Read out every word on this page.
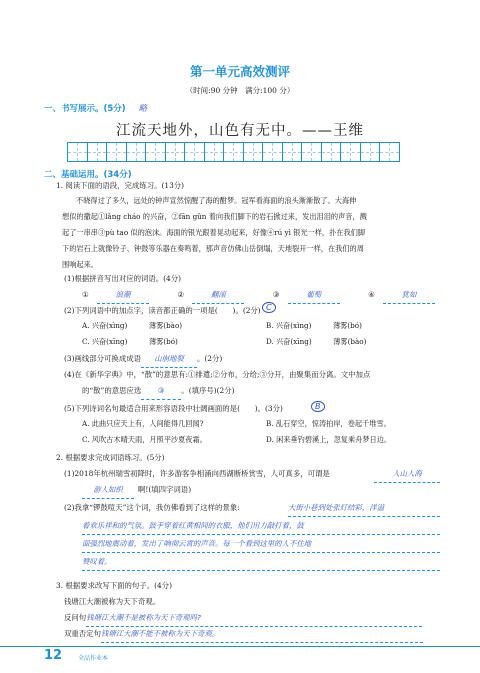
第一单元高效测评
（时间:90 分钟　满分:100 分）
一、书写展示。(5分) 略
江流天地外，山色有无中。——王维
二、基础运用。(34分)
1. 阅读下面的语段，完成练习。(13分)
不晓得过了多久，远处的钟声宣然惊醒了海的酣梦。冠军看海面的浪头渐渐散了。大海伸
想似的撒起①lǎng cháo 的兴奋，②fān gǔn 着向我们脚下的岩石掀过来，发出泪泪的声音，溅
起了一串串③pù tao 似的泡沫。海面的银光跟着晃动起来，好像④rú yì 银光一样，扑在我们脚
下的岩石上就像铃子、钟鼓等乐器在奏鸣着，那声音仿佛山岳倒塌，天地裂开一样，在我们的周
围响起来。
(1)根据拼音写出对应的词语。(4分)
①	浪潮	②	翻滚	③	葡萄	④	犹如
(2)下列词语中的加点字，读音都正确的一项是(　　)。(2分) C
A. 兴奋(xìng)　　　薄雾(bào)	B. 兴奋(xìng)　　　薄雾(bó)
C. 兴奋(xīng)　　　薄雾(bó)	D. 兴奋(xīng)　　　薄雾(bào)
(3)画线部分可换成成语 山崩地裂 。(2分)
(4)在《新华字典》中，“散”的意思有:①排遣;②分布，分给;③分开，由聚集而分离。文中加点
的“散”的意思应选 ③ 。(填序号)(2分)
(5)下列诗词名句最适合用来形容语段中壮阔画面的是(　　)。(3分)	B
A. 此曲只应天上有，人间能得几回闻?	B. 乱石穿空，惊涛拍岸，卷起千堆雪。
C. 风吹古木晴天雨，月照平沙夏夜霜。	D. 闲来垂钓碧溪上，忽复乘舟梦日边。
2. 根据要求完成词语练习。(5分)
(1)2018年杭州瑞雪初降时，许多游客争相涌向西湖断桥赏雪，人可真多，可谓是	人山人海
游人如织 啊!(填四字词语)
(2)我拿“锣鼓喧天”这个词，我仿佛看到了这样的景象:	大街小巷到处张灯结彩，洋溢
着欢乐祥和的气氛。鼓手穿着红黄相间的衣服，他们用力敲打着，鼓
面强烈地震动着，发出了响彻云霄的声音。每一个看到这里的人不住地
赞叹着。
3. 根据要求改写下面的句子。(4分)
钱塘江大潮被称为天下奇观。
反问句钱塘江大潮不是被称为天下奇观吗?
双重否定句钱塘江大潮不能不被称为天下奇观。
12	全品作业本
